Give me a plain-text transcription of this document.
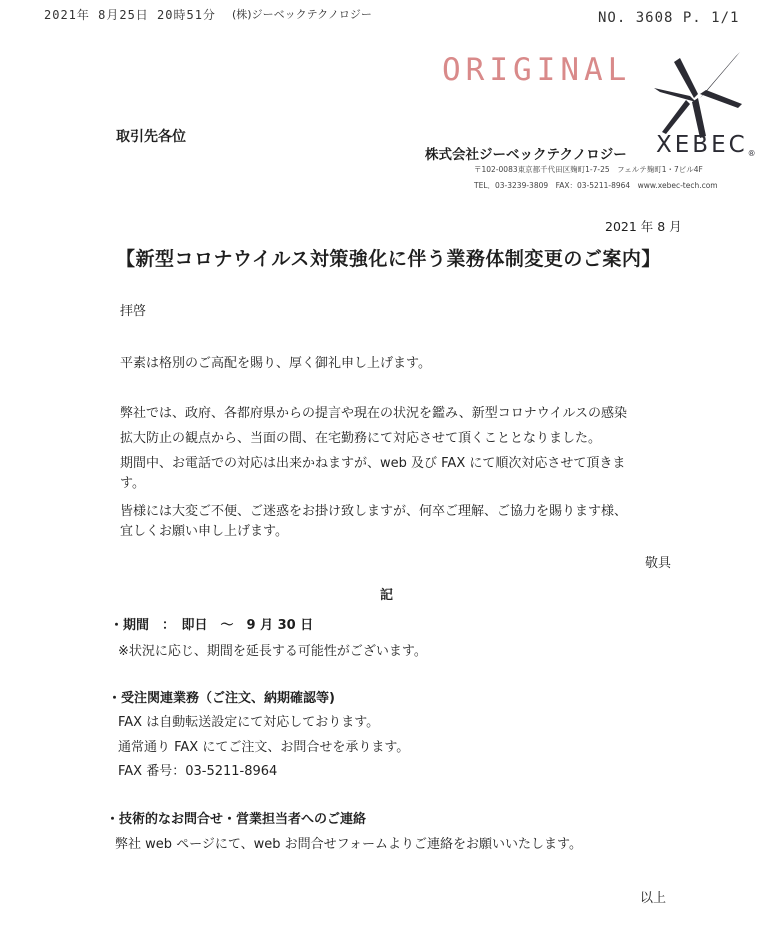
2021年 8月25日 20時51分 (株)ジーベックテクノロジー	NO. 3608 P. 1/1
ORIGINAL
XEBEC®
取引先各位
株式会社ジーベックテクノロジー
〒102-0083東京都千代田区麹町1-7-25　フェルテ麹町1・7ビル4F
TEL．03-3239-3809　FAX：03-5211-8964　www.xebec-tech.com
2021 年 8 月
【新型コロナウイルス対策強化に伴う業務体制変更のご案内】
拝啓
平素は格別のご高配を賜り、厚く御礼申し上げます。
弊社では、政府、各都府県からの提言や現在の状況を鑑み、新型コロナウイルスの感染
拡大防止の観点から、当面の間、在宅勤務にて対応させて頂くこととなりました。
期間中、お電話での対応は出来かねますが、web 及び FAX にて順次対応させて頂きま
す。
皆様には大変ご不便、ご迷惑をお掛け致しますが、何卒ご理解、ご協力を賜ります様、
宜しくお願い申し上げます。
敬具
記
・期間　：　即日　～　9 月 30 日
※状況に応じ、期間を延長する可能性がございます。
・受注関連業務（ご注文、納期確認等)
FAX は自動転送設定にて対応しております。
通常通り FAX にてご注文、お問合せを承ります。
FAX 番号：03-5211-8964
・技術的なお問合せ・営業担当者へのご連絡
弊社 web ページにて、web お問合せフォームよりご連絡をお願いいたします。
以上
